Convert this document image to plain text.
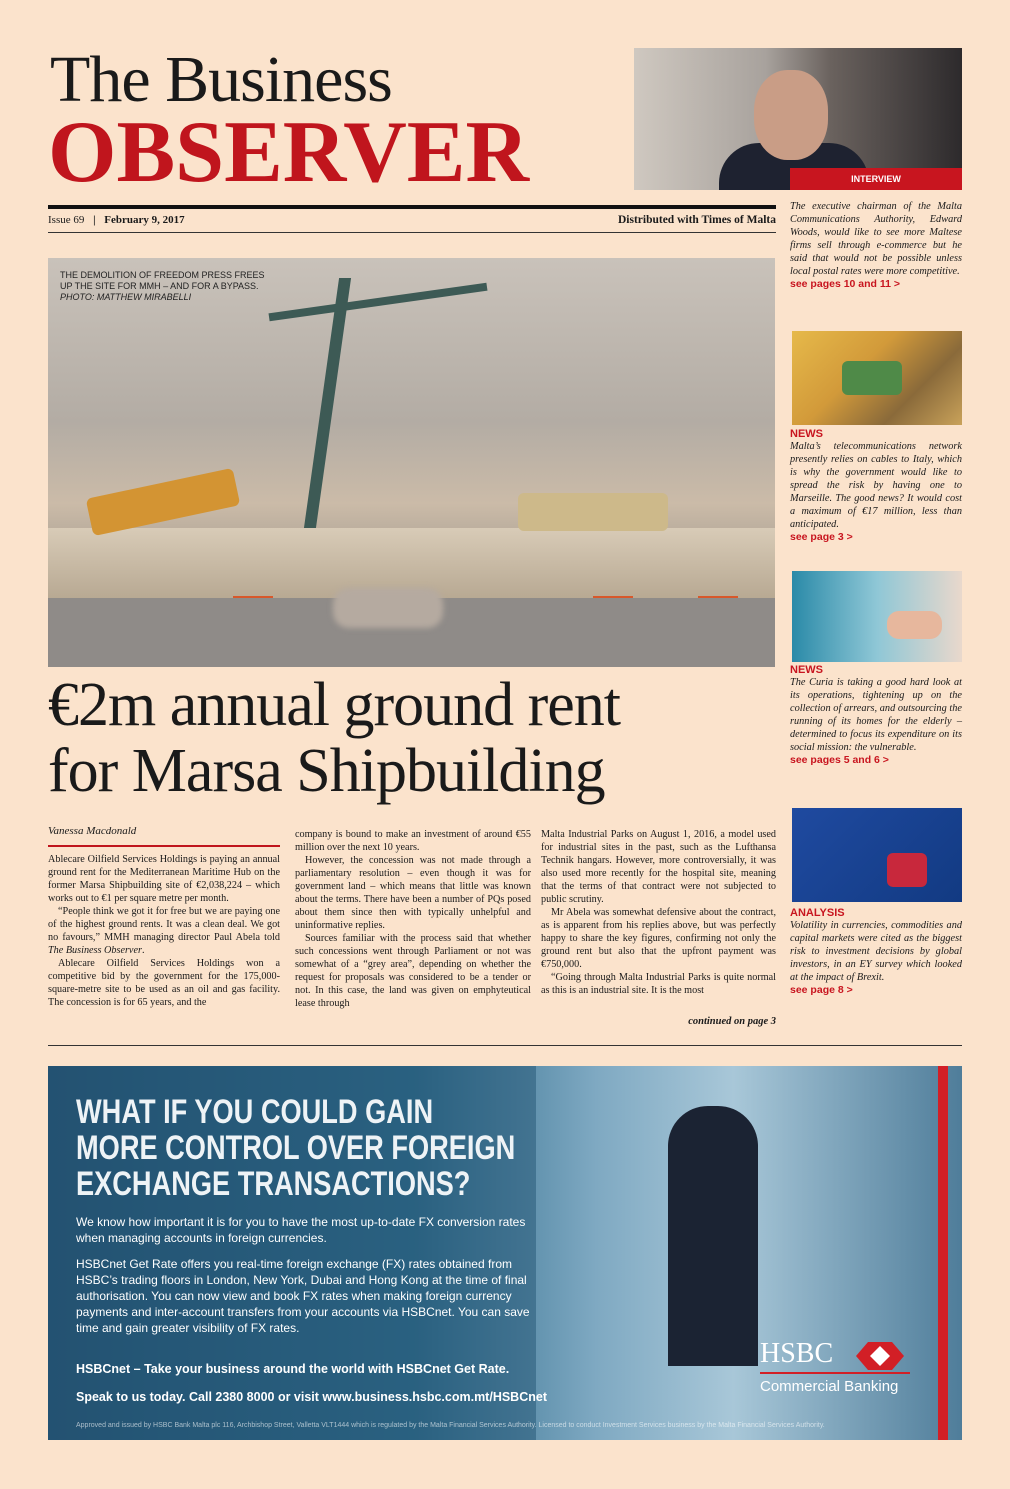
The Business
OBSERVER	INTERVIEW
Issue 69 | February 9, 2017	Distributed with Times of Malta
THE DEMOLITION OF FREEDOM PRESS FREES
UP THE SITE FOR MMH – AND FOR A BYPASS.
PHOTO: MATTHEW MIRABELLI
€2m annual ground rent
for Marsa Shipbuilding
Vanessa Macdonald

Ablecare Oilfield Services Holdings is paying an annual ground rent for the Mediterranean Maritime Hub on the former Marsa Shipbuilding site of €2,038,224 – which works out to €1 per square metre per month.

“People think we got it for free but we are paying one of the highest ground rents. It was a clean deal. We got no favours,” MMH managing director Paul Abela told The Business Observer.

Ablecare Oilfield Services Holdings won a competitive bid by the government for the 175,000-square-metre site to be used as an oil and gas facility. The concession is for 65 years, and the

company is bound to make an investment of around €55 million over the next 10 years.

However, the concession was not made through a parliamentary resolution – even though it was for government land – which means that little was known about the terms. There have been a number of PQs posed about them since then with typically unhelpful and uninformative replies.

Sources familiar with the process said that whether such concessions went through Parliament or not was somewhat of a “grey area”, depending on whether the request for proposals was considered to be a tender or not. In this case, the land was given on emphyteutical lease through

Malta Industrial Parks on August 1, 2016, a model used for industrial sites in the past, such as the Lufthansa Technik hangars. However, more controversially, it was also used more recently for the hospital site, meaning that the terms of that contract were not subjected to public scrutiny.

Mr Abela was somewhat defensive about the contract, as is apparent from his replies above, but was perfectly happy to share the key figures, confirming not only the ground rent but also that the upfront payment was €750,000.

“Going through Malta Industrial Parks is quite normal as this is an industrial site. It is the most

continued on page 3
The executive chairman of the Malta Communications Authority, Edward Woods, would like to see more Maltese firms sell through e-commerce but he said that would not be possible unless local postal rates were more competitive.
see pages 10 and 11 >
NEWS
Malta’s telecommunications network presently relies on cables to Italy, which is why the government would like to spread the risk by having one to Marseille. The good news? It would cost a maximum of €17 million, less than anticipated.
see page 3 >
NEWS
The Curia is taking a good hard look at its operations, tightening up on the collection of arrears, and outsourcing the running of its homes for the elderly – determined to focus its expenditure on its social mission: the vulnerable.
see pages 5 and 6 >
ANALYSIS
Volatility in currencies, commodities and capital markets were cited as the biggest risk to investment decisions by global investors, in an EY survey which looked at the impact of Brexit.
see page 8 >
WHAT IF YOU COULD GAIN
MORE CONTROL OVER FOREIGN
EXCHANGE TRANSACTIONS?
We know how important it is for you to have the most up-to-date FX conversion rates when managing accounts in foreign currencies.
HSBCnet Get Rate offers you real-time foreign exchange (FX) rates obtained from HSBC’s trading floors in London, New York, Dubai and Hong Kong at the time of final authorisation. You can now view and book FX rates when making foreign currency payments and inter-account transfers from your accounts via HSBCnet. You can save time and gain greater visibility of FX rates.
HSBCnet – Take your business around the world with HSBCnet Get Rate.
Speak to us today. Call 2380 8000 or visit www.business.hsbc.com.mt/HSBCnet
Approved and issued by HSBC Bank Malta plc 116, Archbishop Street, Valletta VLT1444 which is regulated by the Malta Financial Services Authority. Licensed to conduct Investment Services business by the Malta Financial Services Authority.
HSBC
Commercial Banking
